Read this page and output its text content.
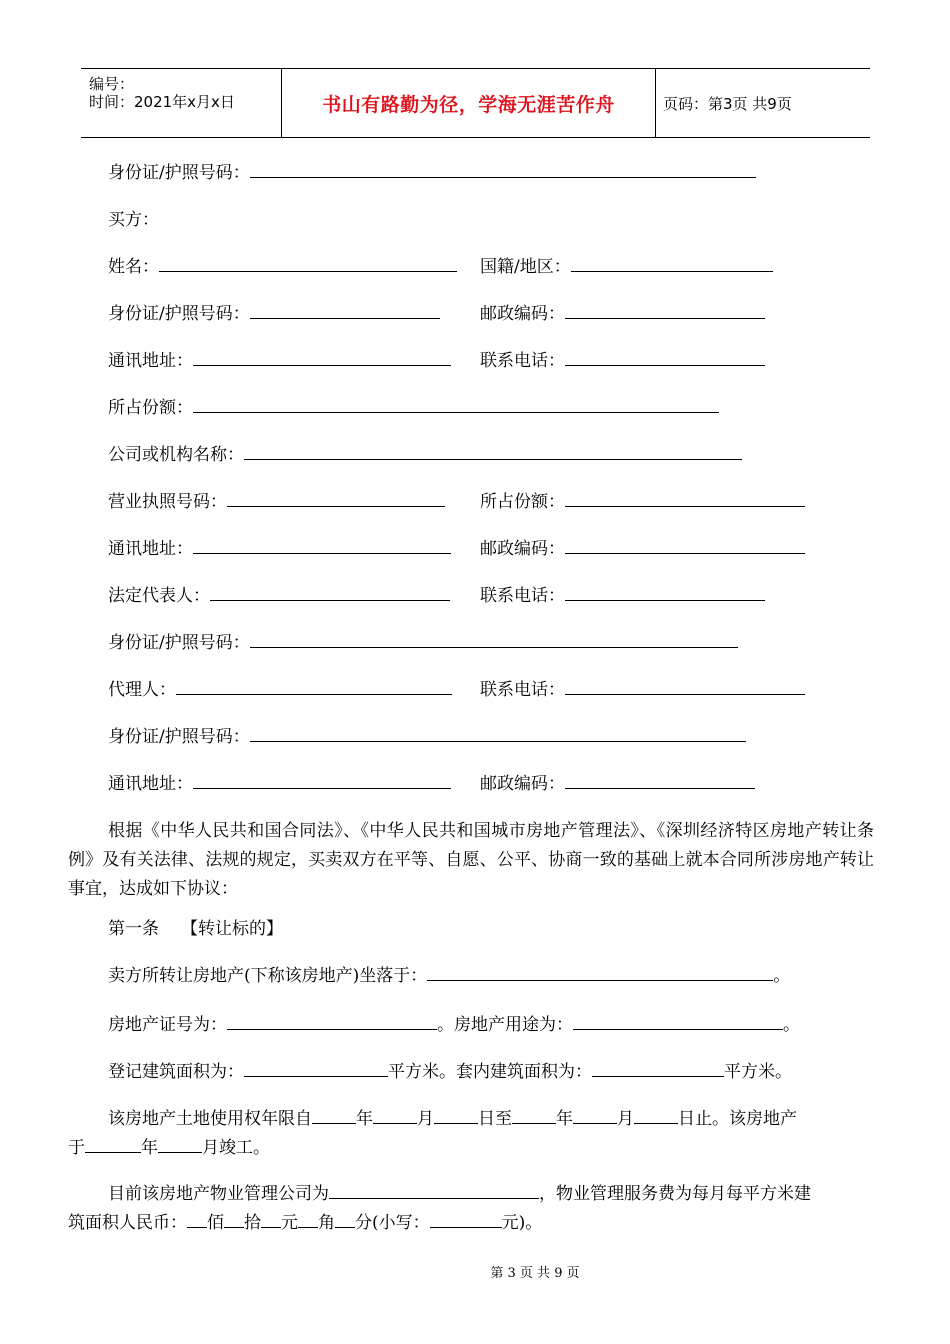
编号：
时间：2021年x月x日	书山有路勤为径，学海无涯苦作舟	页码：第3页 共9页
身份证/护照号码：
买方：
姓名：	国籍/地区：
身份证/护照号码：	邮政编码：
通讯地址：	联系电话：
所占份额：
公司或机构名称：
营业执照号码：	所占份额：
通讯地址：	邮政编码：
法定代表人：	联系电话：
身份证/护照号码：
代理人：	联系电话：
身份证/护照号码：
通讯地址：	邮政编码：
根据《中华人民共和国合同法》、《中华人民共和国城市房地产管理法》、《深圳经济特区房地产转让条例》及有关法律、法规的规定，买卖双方在平等、自愿、公平、协商一致的基础上就本合同所涉房地产转让事宜，达成如下协议：
第一条 【转让标的】
卖方所转让房地产(下称该房地产)坐落于：	。
房地产证号为：	。房地产用途为：	。
登记建筑面积为：	平方米。套内建筑面积为：	平方米。
该房地产土地使用权年限自	年	月	日至	年	月	日止。该房地产
于	年	月竣工。
目前该房地产物业管理公司为	，物业管理服务费为每月每平方米建
筑面积人民币： 佰 拾 元 角 分(小写：	元)。
第 3 页 共 9 页
